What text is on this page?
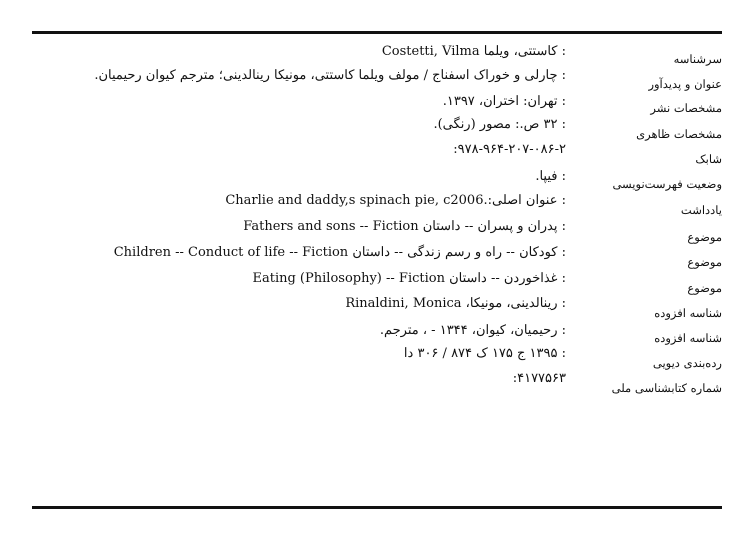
سرشناسه
: کاستتی، ویلما Costetti, Vilma
عنوان و پدیدآور
: چارلی و خوراک اسفناج / مولف ویلما کاستتی، مونیکا رینالدینی؛ مترجم کیوان رحیمیان.
مشخصات نشر
: تهران: اختران، ۱۳۹۷.
مشخصات ظاهری
: ۳۲ ص.: مصور (رنگی).
شابک
۹۷۸-۹۶۴-۲۰۷-۰۸۶-۲:
وضعیت فهرست‌نویسی
: فیپا.
یادداشت
: عنوان اصلی:.Charlie and daddy,s spinach pie, c2006
موضوع
: پدران و پسران -- داستان Fathers and sons -- Fiction
موضوع
: کودکان -- راه و رسم زندگی -- داستان Children -- Conduct of life -- Fiction
موضوع
: غذاخوردن -- داستان Eating (Philosophy) -- Fiction
شناسه افزوده
: رینالدینی، مونیکا، Rinaldini, Monica
شناسه افزوده
: رحیمیان، کیوان، ۱۳۴۴ - ، مترجم.
رده‌بندی دیویی
: ۱۳۹۵ ج ۱۷۵ ک ۸۷۴ / ۳۰۶ دا
شماره کتابشناسی ملی
۴۱۷۷۵۶۳:
